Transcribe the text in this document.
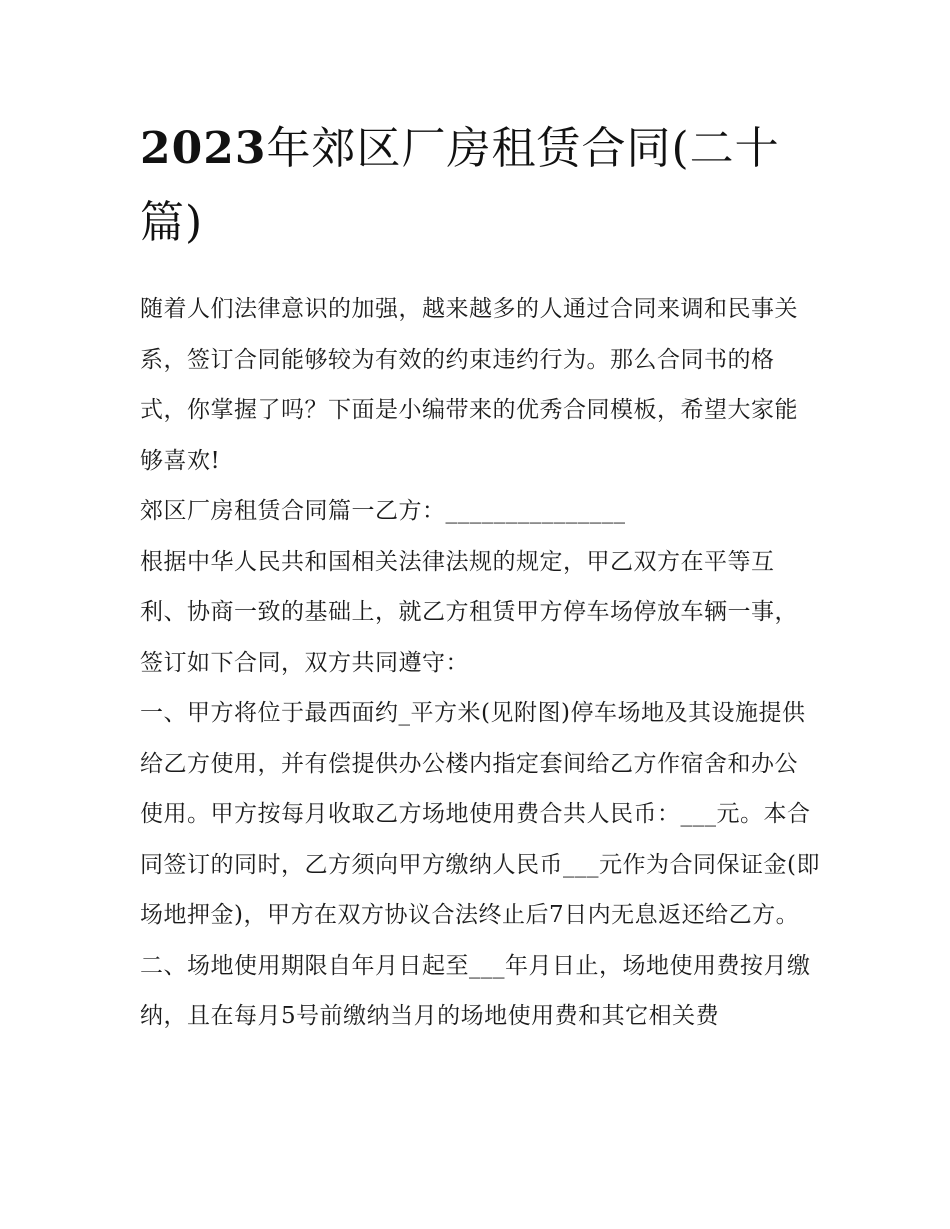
2023年郊区厂房租赁合同(二十篇)

随着人们法律意识的加强，越来越多的人通过合同来调和民事关系，签订合同能够较为有效的约束违约行为。那么合同书的格式，你掌握了吗？下面是小编带来的优秀合同模板，希望大家能够喜欢!

郊区厂房租赁合同篇一乙方：_______________

根据中华人民共和国相关法律法规的规定，甲乙双方在平等互利、协商一致的基础上，就乙方租赁甲方停车场停放车辆一事，签订如下合同，双方共同遵守：

一、甲方将位于最西面约_平方米(见附图)停车场地及其设施提供给乙方使用，并有偿提供办公楼内指定套间给乙方作宿舍和办公使用。甲方按每月收取乙方场地使用费合共人民币：___元。本合同签订的同时，乙方须向甲方缴纳人民币___元作为合同保证金(即场地押金)，甲方在双方协议合法终止后7日内无息返还给乙方。

二、场地使用期限自年月日起至___年月日止，场地使用费按月缴纳，且在每月5号前缴纳当月的场地使用费和其它相关费
